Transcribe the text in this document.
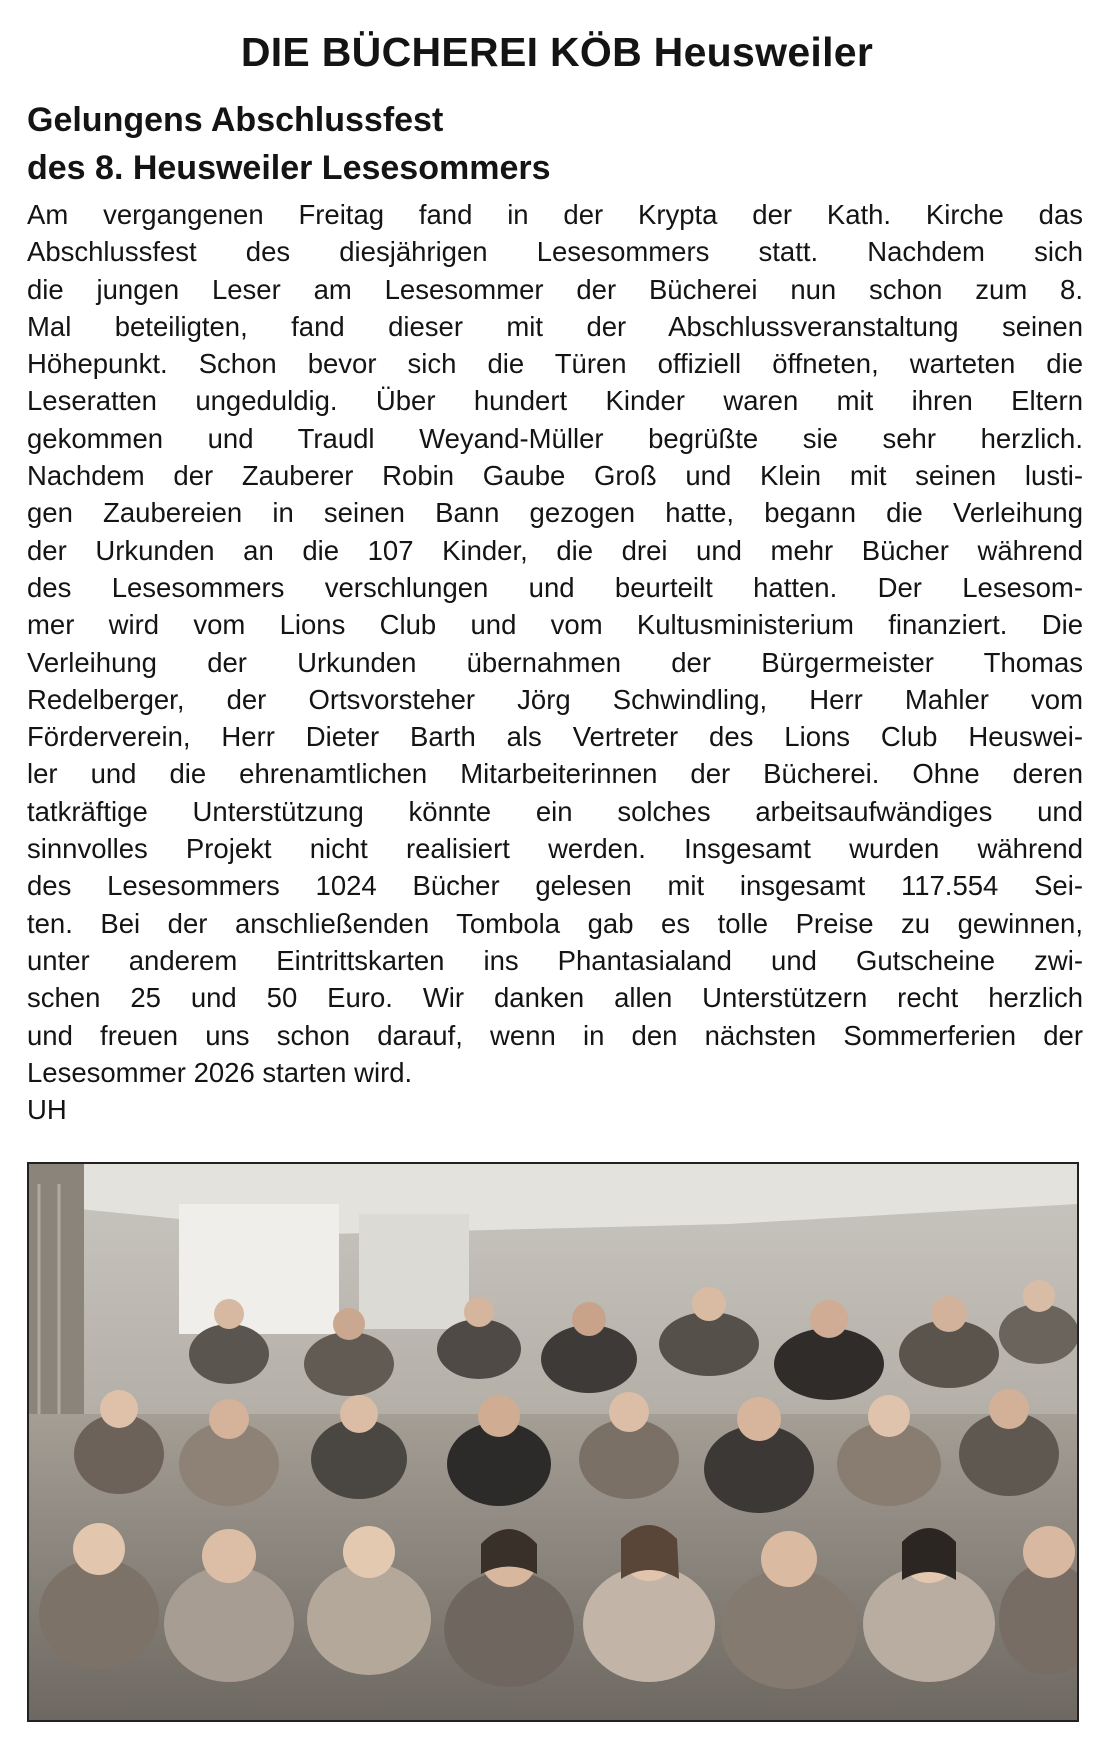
DIE BÜCHEREI KÖB Heusweiler
Gelungens Abschlussfest
des 8. Heusweiler Lesesommers
Am vergangenen Freitag fand in der Krypta der Kath. Kirche das
Abschlussfest des diesjährigen Lesesommers statt. Nachdem sich
die jungen Leser am Lesesommer der Bücherei nun schon zum 8.
Mal beteiligten, fand dieser mit der Abschlussveranstaltung seinen
Höhepunkt. Schon bevor sich die Türen offiziell öffneten, warteten die
Leseratten ungeduldig. Über hundert Kinder waren mit ihren Eltern
gekommen und Traudl Weyand-Müller begrüßte sie sehr herzlich.
Nachdem der Zauberer Robin Gaube Groß und Klein mit seinen lusti-
gen Zaubereien in seinen Bann gezogen hatte, begann die Verleihung
der Urkunden an die 107 Kinder, die drei und mehr Bücher während
des Lesesommers verschlungen und beurteilt hatten. Der Lesesom-
mer wird vom Lions Club und vom Kultusministerium finanziert. Die
Verleihung der Urkunden übernahmen der Bürgermeister Thomas
Redelberger, der Ortsvorsteher Jörg Schwindling, Herr Mahler vom
Förderverein, Herr Dieter Barth als Vertreter des Lions Club Heuswei-
ler und die ehrenamtlichen Mitarbeiterinnen der Bücherei. Ohne deren
tatkräftige Unterstützung könnte ein solches arbeitsaufwändiges und
sinnvolles Projekt nicht realisiert werden. Insgesamt wurden während
des Lesesommers 1024 Bücher gelesen mit insgesamt 117.554 Sei-
ten. Bei der anschließenden Tombola gab es tolle Preise zu gewinnen,
unter anderem Eintrittskarten ins Phantasialand und Gutscheine zwi-
schen 25 und 50 Euro. Wir danken allen Unterstützern recht herzlich
und freuen uns schon darauf, wenn in den nächsten Sommerferien der
Lesesommer 2026 starten wird.
UH
